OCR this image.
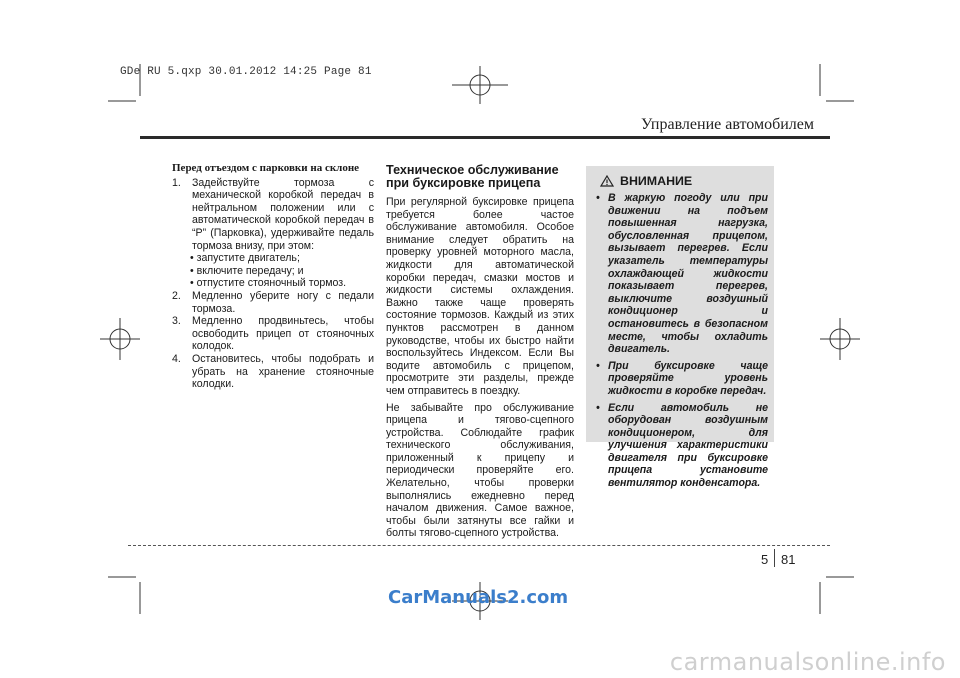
GDe RU 5.qxp 30.01.2012 14:25 Page 81
Управление автомобилем
Перед отъездом с парковки на склоне
1.	Задействуйте тормоза с механической коробкой передач в нейтральном положении или с автоматической коробкой передач в “P” (Парковка), удерживайте педаль тормоза внизу, при этом:
• запустите двигатель;
• включите передачу; и
• отпустите стояночный тормоз.
2.	Медленно уберите ногу с педали тормоза.
3.	Медленно продвиньтесь, чтобы освободить прицеп от стояночных колодок.
4.	Остановитесь, чтобы подобрать и убрать на хранение стояночные колодки.
Техническое обслуживание при буксировке прицепа

При регулярной буксировке прицепа требуется более частое обслуживание автомобиля. Особое внимание следует обратить на проверку уровней моторного масла, жидкости для автоматической коробки передач, смазки мостов и жидкости системы охлаждения. Важно также чаще проверять состояние тормозов. Каждый из этих пунктов рассмотрен в данном руководстве, чтобы их быстро найти воспользуйтесь Индексом. Если Вы водите автомобиль с прицепом, просмотрите эти разделы, прежде чем отправитесь в поездку.

Не забывайте про обслуживание прицепа и тягово-сцепного устройства. Соблюдайте график технического обслуживания, приложенный к прицепу и периодически проверяйте его. Желательно, чтобы проверки выполнялись ежедневно перед началом движения. Самое важное, чтобы были затянуты все гайки и болты тягово-сцепного устройства.

ВНИМАНИЕ
• В жаркую погоду или при движении на подъем повышенная нагрузка, обусловленная прицепом, вызывает перегрев. Если указатель температуры охлаждающей жидкости показывает перегрев, выключите воздушный кондиционер и остановитесь в безопасном месте, чтобы охладить двигатель.
• При буксировке чаще проверяйте уровень жидкости в коробке передач.
• Если автомобиль не оборудован воздушным кондиционером, для улучшения характеристики двигателя при буксировке прицепа установите вентилятор конденсатора.
5 81
CarManuals2.com
carmanualsonline.info
